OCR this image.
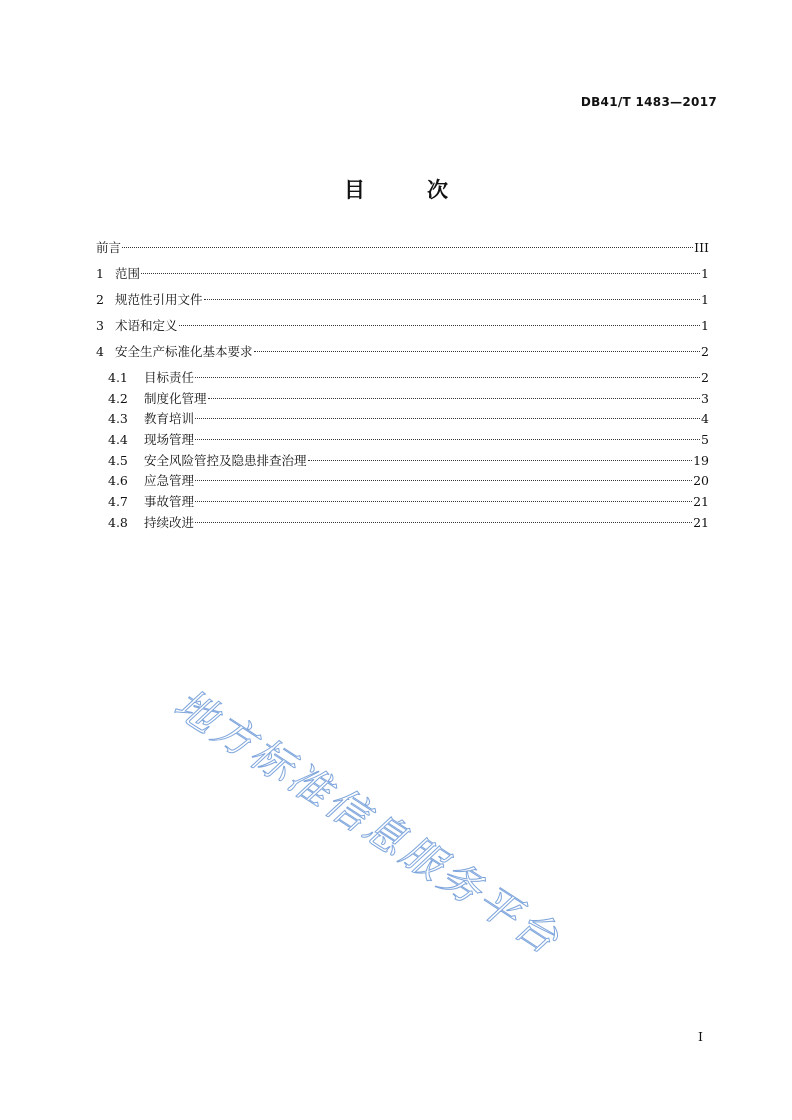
DB41/T 1483—2017
目	次
前言	III
1 范围	1
2 规范性引用文件	1
3 术语和定义	1
4 安全生产标准化基本要求	2
4.1	目标责任	2
4.2	制度化管理	3
4.3	教育培训	4
4.4	现场管理	5
4.5	安全风险管控及隐患排查治理	19
4.6	应急管理	20
4.7	事故管理	21
4.8	持续改进	21
地方标准信息服务平台
I
